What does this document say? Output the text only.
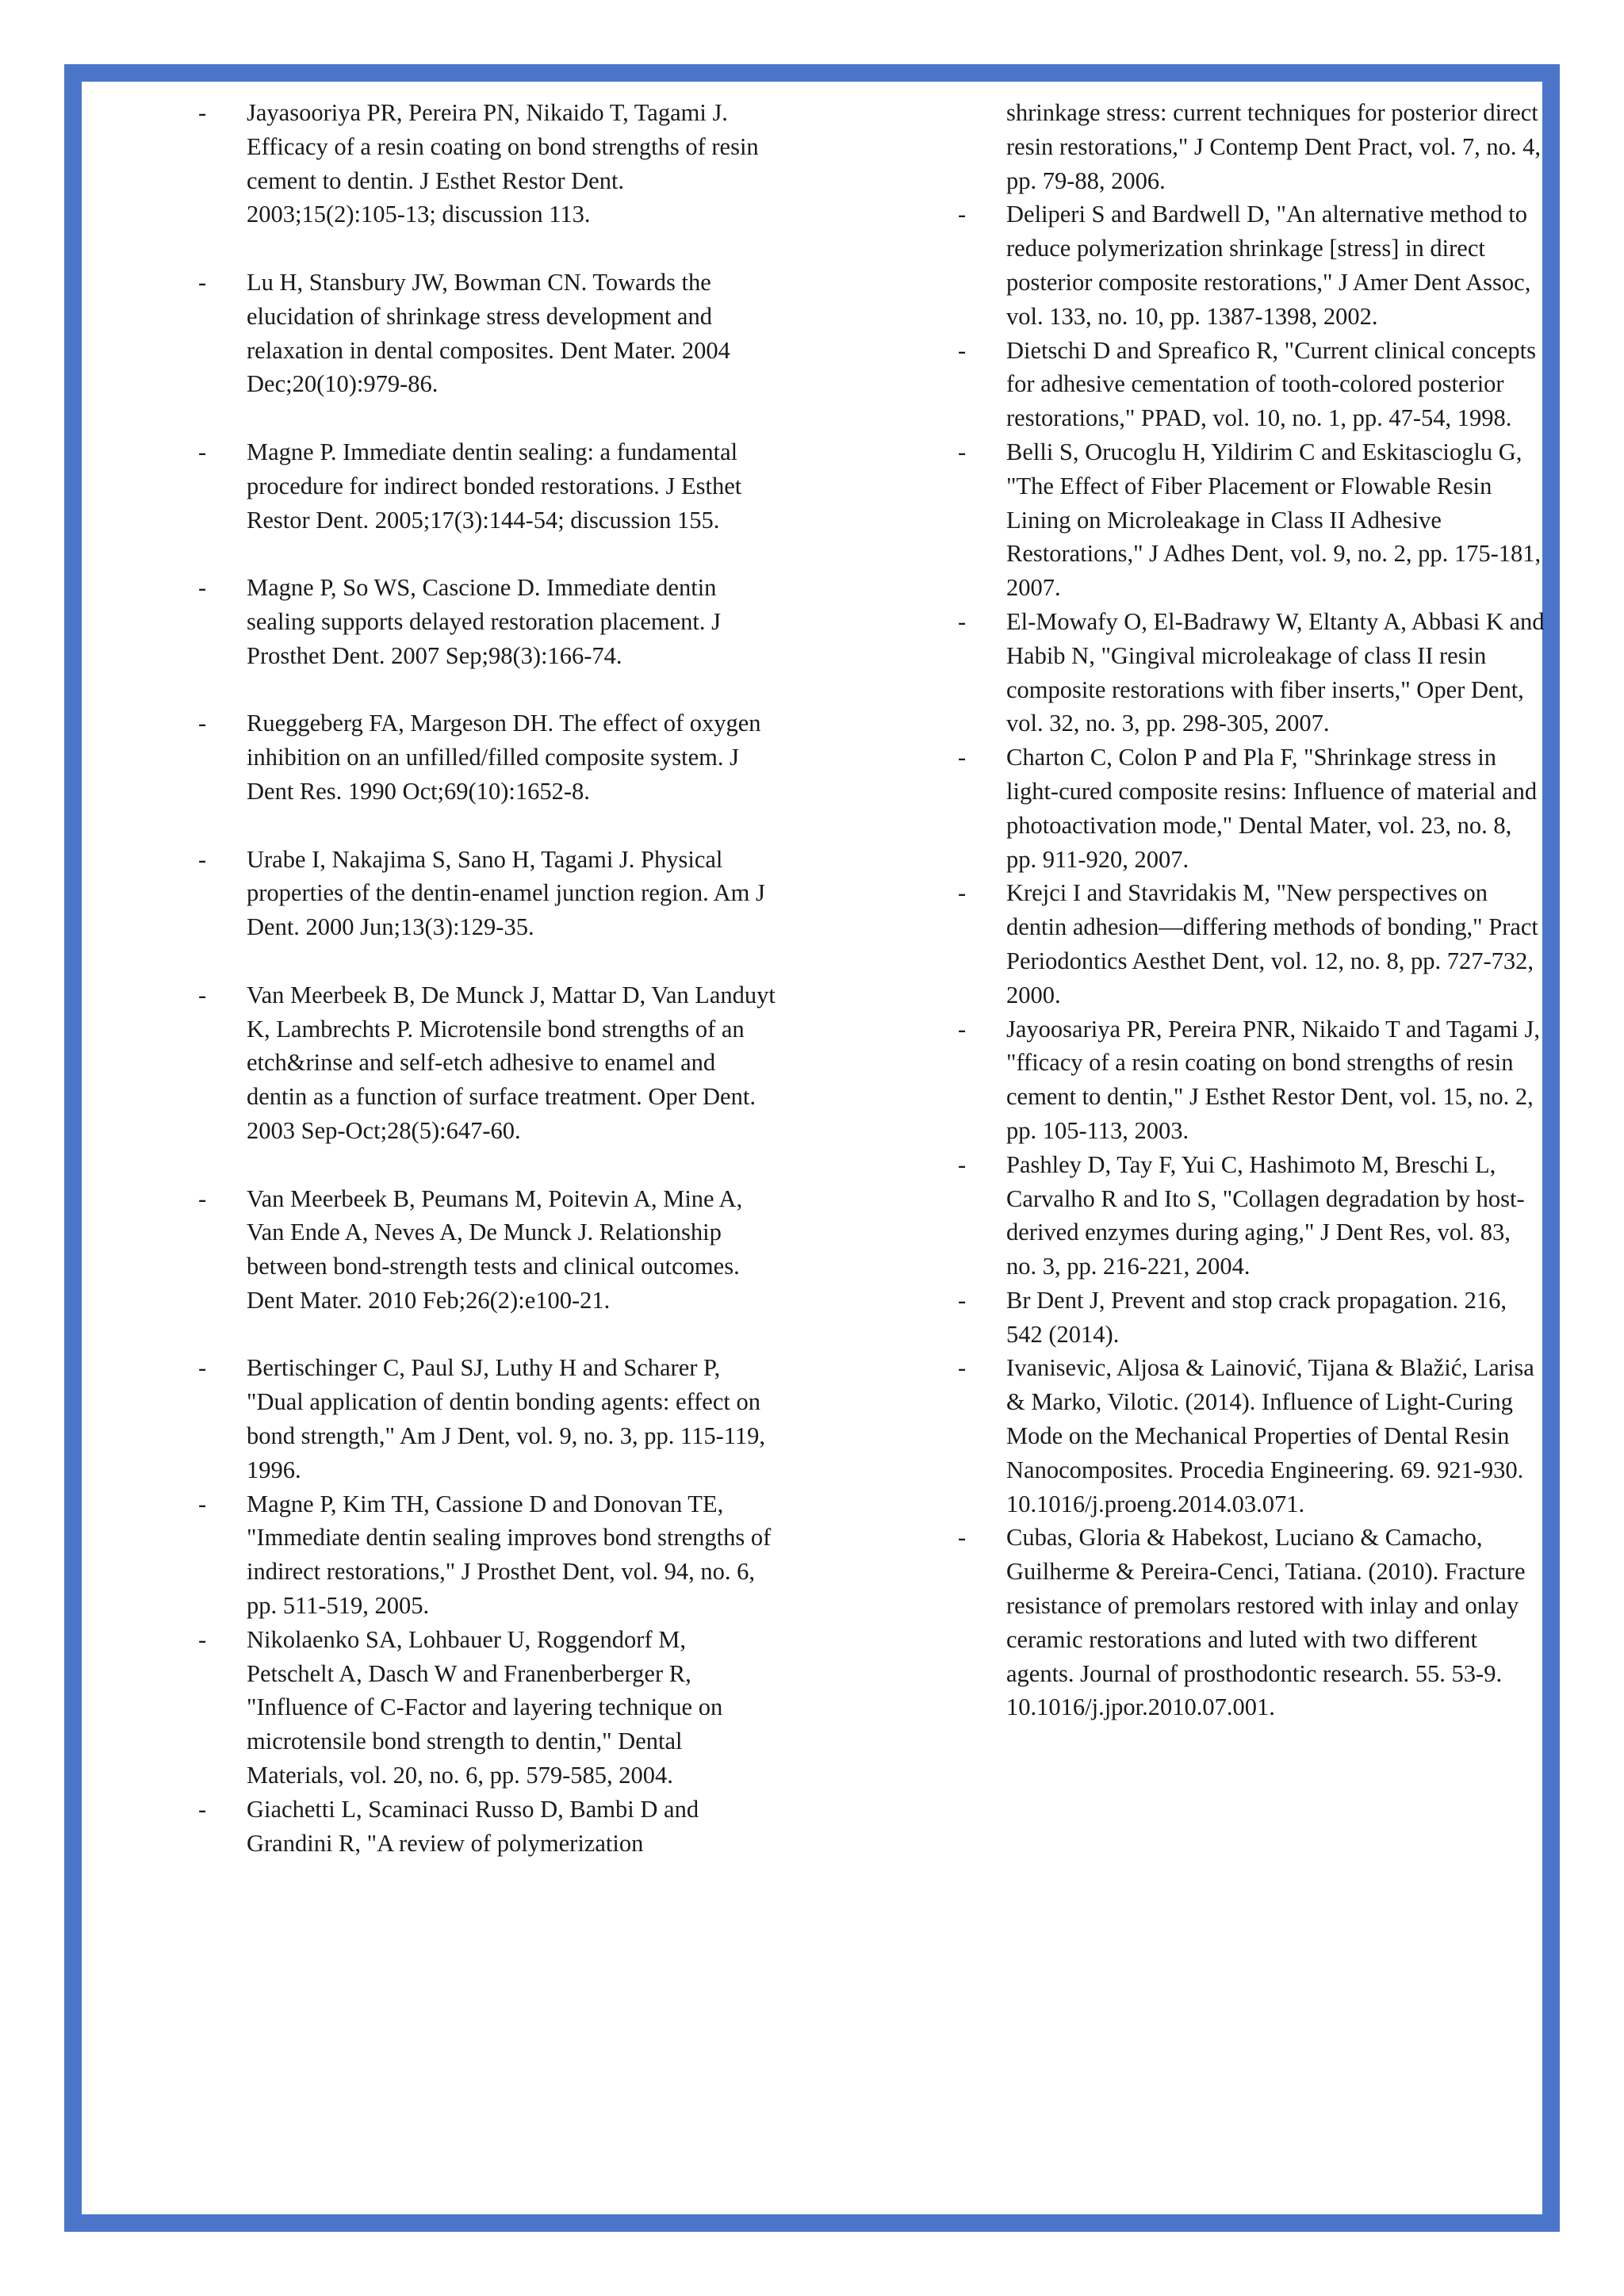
- Jayasooriya PR, Pereira PN, Nikaido T, Tagami J. Efficacy of a resin coating on bond strengths of resin cement to dentin. J Esthet Restor Dent. 2003;15(2):105-13; discussion 113.
- Lu H, Stansbury JW, Bowman CN. Towards the elucidation of shrinkage stress development and relaxation in dental composites. Dent Mater. 2004 Dec;20(10):979-86.
- Magne P. Immediate dentin sealing: a fundamental procedure for indirect bonded restorations. J Esthet Restor Dent. 2005;17(3):144-54; discussion 155.
- Magne P, So WS, Cascione D. Immediate dentin sealing supports delayed restoration placement. J Prosthet Dent. 2007 Sep;98(3):166-74.
- Rueggeberg FA, Margeson DH. The effect of oxygen inhibition on an unfilled/filled composite system. J Dent Res. 1990 Oct;69(10):1652-8.
- Urabe I, Nakajima S, Sano H, Tagami J. Physical properties of the dentin-enamel junction region. Am J Dent. 2000 Jun;13(3):129-35.
- Van Meerbeek B, De Munck J, Mattar D, Van Landuyt K, Lambrechts P. Microtensile bond strengths of an etch&rinse and self-etch adhesive to enamel and dentin as a function of surface treatment. Oper Dent. 2003 Sep-Oct;28(5):647-60.
- Van Meerbeek B, Peumans M, Poitevin A, Mine A, Van Ende A, Neves A, De Munck J. Relationship between bond-strength tests and clinical outcomes. Dent Mater. 2010 Feb;26(2):e100-21.
- Bertischinger C, Paul SJ, Luthy H and Scharer P, "Dual application of dentin bonding agents: effect on bond strength," Am J Dent, vol. 9, no. 3, pp. 115-119, 1996.
- Magne P, Kim TH, Cassione D and Donovan TE, "Immediate dentin sealing improves bond strengths of indirect restorations," J Prosthet Dent, vol. 94, no. 6, pp. 511-519, 2005.
- Nikolaenko SA, Lohbauer U, Roggendorf M, Petschelt A, Dasch W and Franenberberger R, "Influence of C-Factor and layering technique on microtensile bond strength to dentin," Dental Materials, vol. 20, no. 6, pp. 579-585, 2004.
- Giachetti L, Scaminaci Russo D, Bambi D and Grandini R, "A review of polymerization
shrinkage stress: current techniques for posterior direct resin restorations," J Contemp Dent Pract, vol. 7, no. 4, pp. 79-88, 2006.
- Deliperi S and Bardwell D, "An alternative method to reduce polymerization shrinkage [stress] in direct posterior composite restorations," J Amer Dent Assoc, vol. 133, no. 10, pp. 1387-1398, 2002.
- Dietschi D and Spreafico R, "Current clinical concepts for adhesive cementation of tooth-colored posterior restorations," PPAD, vol. 10, no. 1, pp. 47-54, 1998.
- Belli S, Orucoglu H, Yildirim C and Eskitascioglu G, "The Effect of Fiber Placement or Flowable Resin Lining on Microleakage in Class II Adhesive Restorations," J Adhes Dent, vol. 9, no. 2, pp. 175-181, 2007.
- El-Mowafy O, El-Badrawy W, Eltanty A, Abbasi K and Habib N, "Gingival microleakage of class II resin composite restorations with fiber inserts," Oper Dent, vol. 32, no. 3, pp. 298-305, 2007.
- Charton C, Colon P and Pla F, "Shrinkage stress in light-cured composite resins: Influence of material and photoactivation mode," Dental Mater, vol. 23, no. 8, pp. 911-920, 2007.
- Krejci I and Stavridakis M, "New perspectives on dentin adhesion—differing methods of bonding," Pract Periodontics Aesthet Dent, vol. 12, no. 8, pp. 727-732, 2000.
- Jayoosariya PR, Pereira PNR, Nikaido T and Tagami J, "fficacy of a resin coating on bond strengths of resin cement to dentin," J Esthet Restor Dent, vol. 15, no. 2, pp. 105-113, 2003.
- Pashley D, Tay F, Yui C, Hashimoto M, Breschi L, Carvalho R and Ito S, "Collagen degradation by host-derived enzymes during aging," J Dent Res, vol. 83, no. 3, pp. 216-221, 2004.
- Br Dent J, Prevent and stop crack propagation. 216, 542 (2014).
- Ivanisevic, Aljosa & Lainović, Tijana & Blažić, Larisa & Marko, Vilotic. (2014). Influence of Light-Curing Mode on the Mechanical Properties of Dental Resin Nanocomposites. Procedia Engineering. 69. 921-930. 10.1016/j.proeng.2014.03.071.
- Cubas, Gloria & Habekost, Luciano & Camacho, Guilherme & Pereira-Cenci, Tatiana. (2010). Fracture resistance of premolars restored with inlay and onlay ceramic restorations and luted with two different agents. Journal of prosthodontic research. 55. 53-9. 10.1016/j.jpor.2010.07.001.
